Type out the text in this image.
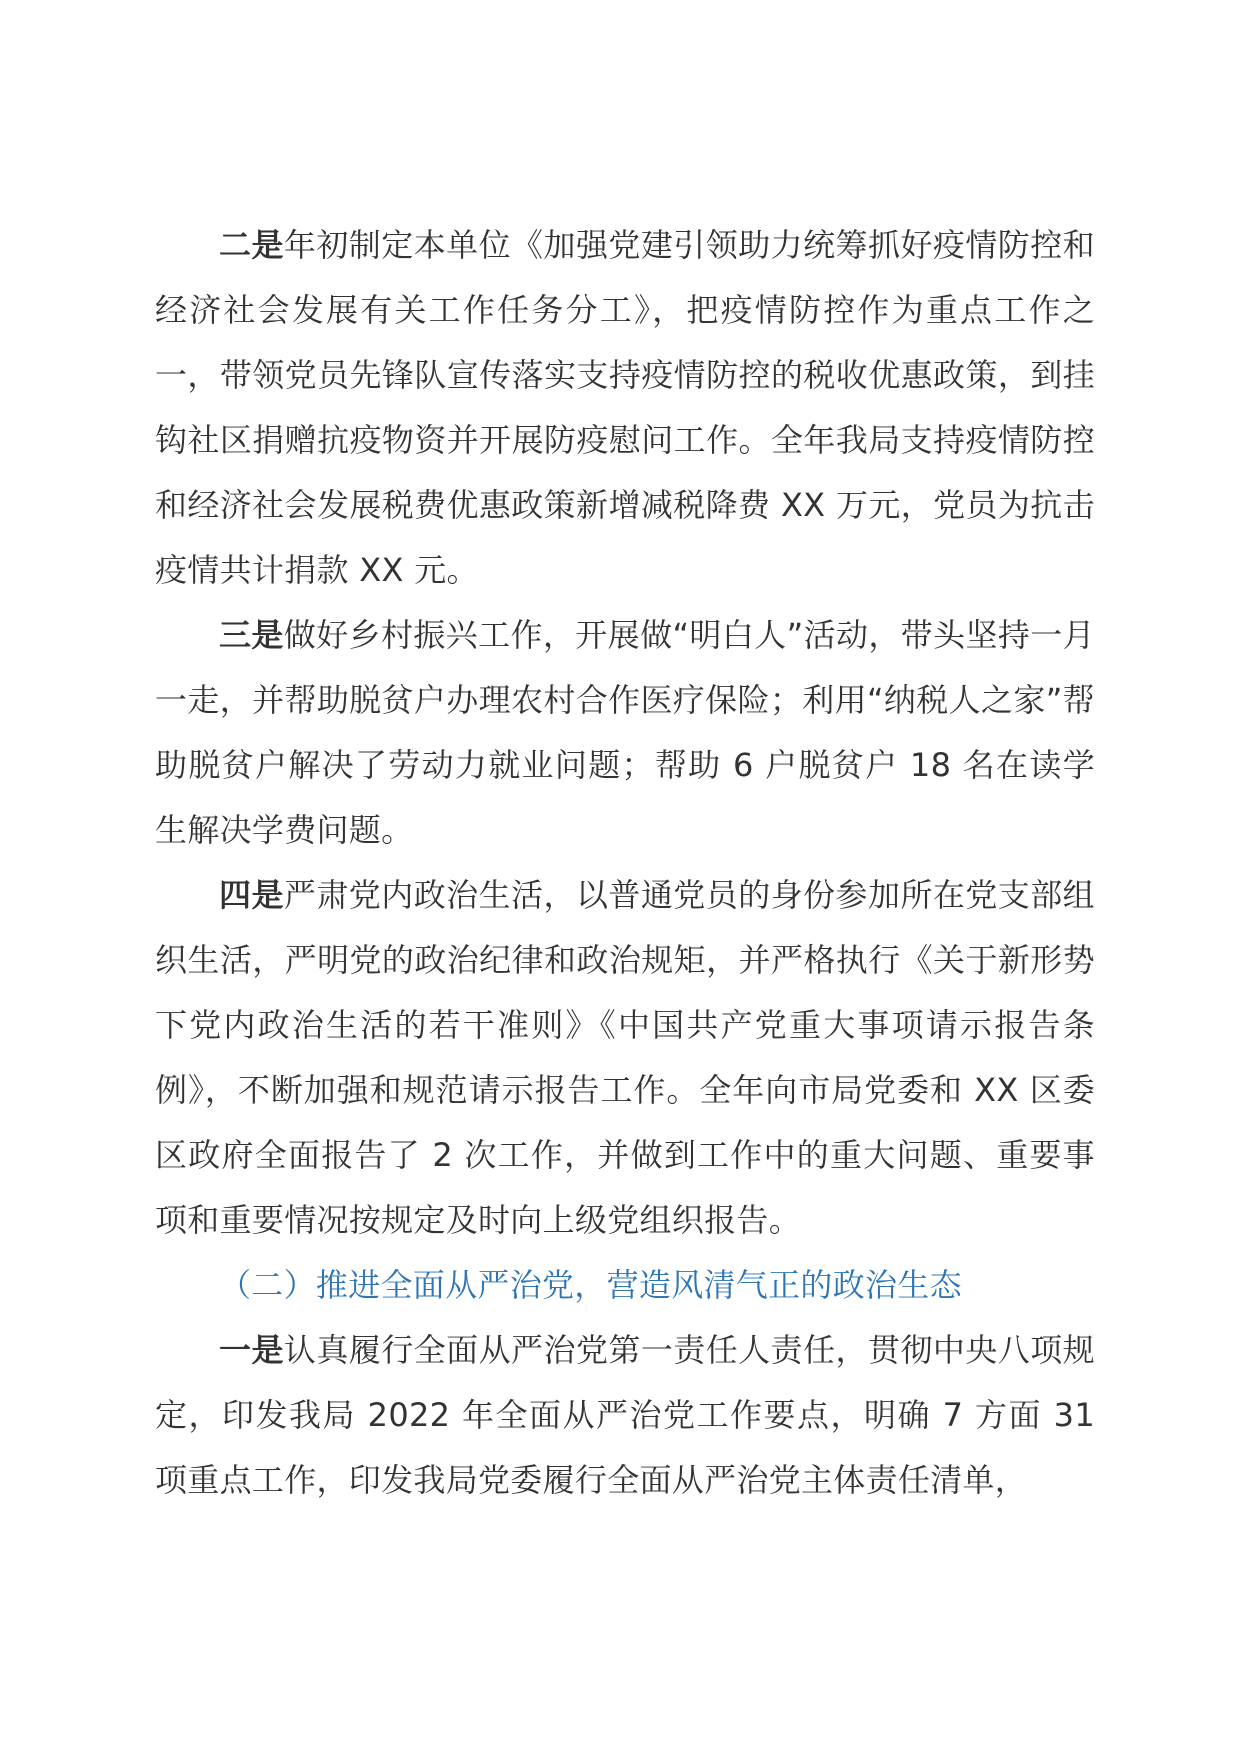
二是年初制定本单位《加强党建引领助力统筹抓好疫情防控和经济社会发展有关工作任务分工》，把疫情防控作为重点工作之一，带领党员先锋队宣传落实支持疫情防控的税收优惠政策，到挂钩社区捐赠抗疫物资并开展防疫慰问工作。全年我局支持疫情防控和经济社会发展税费优惠政策新增减税降费 XX 万元，党员为抗击疫情共计捐款 XX 元。

三是做好乡村振兴工作，开展做“明白人”活动，带头坚持一月一走，并帮助脱贫户办理农村合作医疗保险；利用“纳税人之家”帮助脱贫户解决了劳动力就业问题；帮助 6 户脱贫户 18 名在读学生解决学费问题。

四是严肃党内政治生活，以普通党员的身份参加所在党支部组织生活，严明党的政治纪律和政治规矩，并严格执行《关于新形势下党内政治生活的若干准则》《中国共产党重大事项请示报告条例》，不断加强和规范请示报告工作。全年向市局党委和 XX 区委区政府全面报告了 2 次工作，并做到工作中的重大问题、重要事项和重要情况按规定及时向上级党组织报告。

（二）推进全面从严治党，营造风清气正的政治生态

一是认真履行全面从严治党第一责任人责任，贯彻中央八项规定，印发我局 2022 年全面从严治党工作要点，明确 7 方面 31 项重点工作，印发我局党委履行全面从严治党主体责任清单，
